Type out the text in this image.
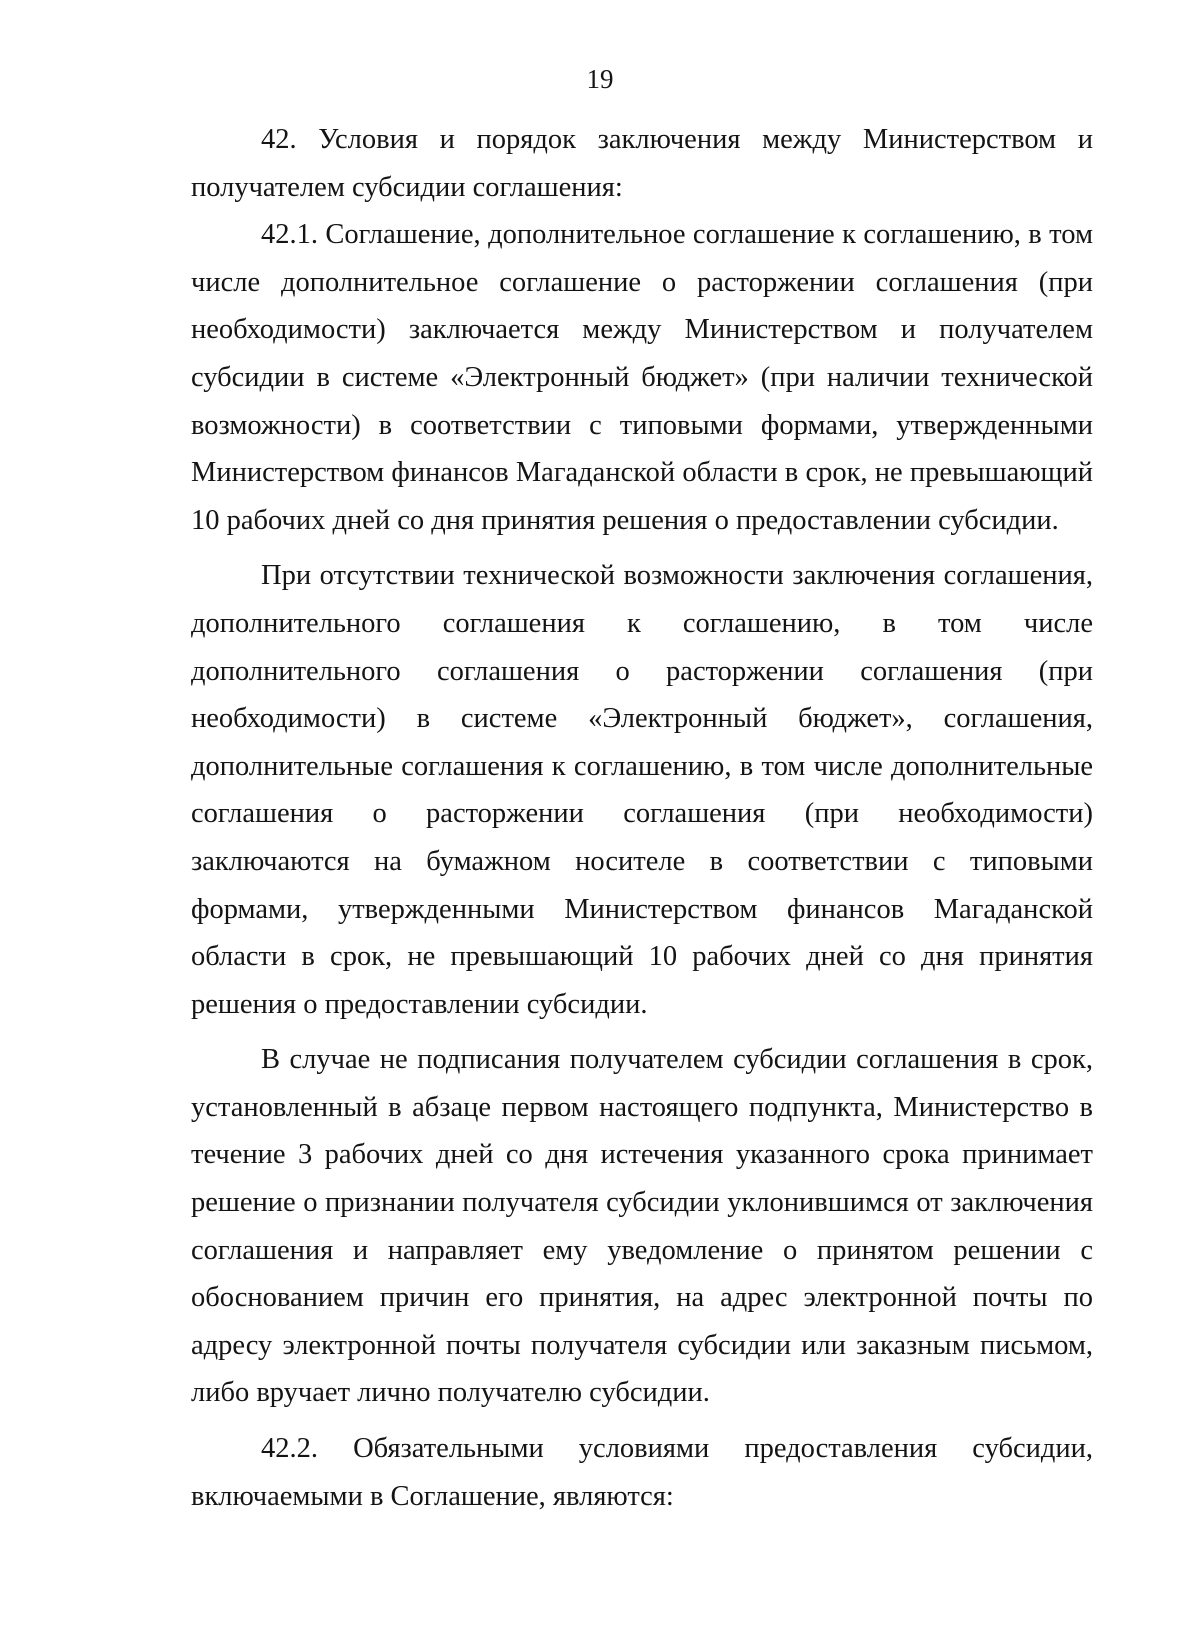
19

42. Условия и порядок заключения между Министерством и получателем субсидии соглашения:

42.1. Соглашение, дополнительное соглашение к соглашению, в том числе дополнительное соглашение о расторжении соглашения (при необходимости) заключается между Министерством и получателем субсидии в системе «Электронный бюджет» (при наличии технической возможности) в соответствии с типовыми формами, утвержденными Министерством финансов Магаданской области в срок, не превышающий 10 рабочих дней со дня принятия решения о предоставлении субсидии.

При отсутствии технической возможности заключения соглашения, дополнительного соглашения к соглашению, в том числе дополнительного соглашения о расторжении соглашения (при необходимости) в системе «Электронный бюджет», соглашения, дополнительные соглашения к соглашению, в том числе дополнительные соглашения о расторжении соглашения (при необходимости) заключаются на бумажном носителе в соответствии с типовыми формами, утвержденными Министерством финансов Магаданской области в срок, не превышающий 10 рабочих дней со дня принятия решения о предоставлении субсидии.

В случае не подписания получателем субсидии соглашения в срок, установленный в абзаце первом настоящего подпункта, Министерство в течение 3 рабочих дней со дня истечения указанного срока принимает решение о признании получателя субсидии уклонившимся от заключения соглашения и направляет ему уведомление о принятом решении с обоснованием причин его принятия, на адрес электронной почты по адресу электронной почты получателя субсидии или заказным письмом, либо вручает лично получателю субсидии.

42.2. Обязательными условиями предоставления субсидии, включаемыми в Соглашение, являются:
